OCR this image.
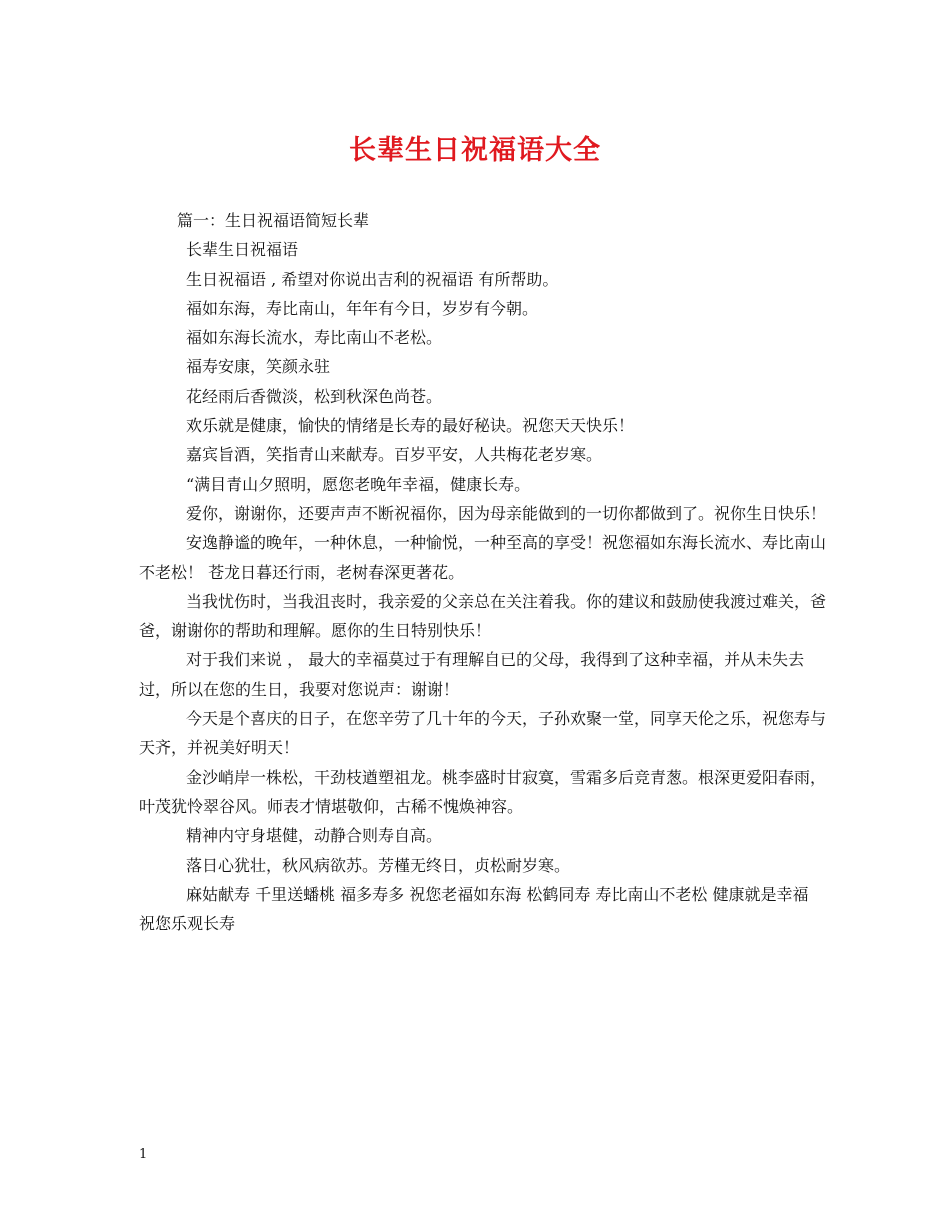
长辈生日祝福语大全

篇一：生日祝福语简短长辈

长辈生日祝福语

生日祝福语 , 希望对你说出吉利的祝福语 有所帮助。

福如东海，寿比南山，年年有今日，岁岁有今朝。

福如东海长流水，寿比南山不老松。

福寿安康，笑颜永驻

花经雨后香微淡，松到秋深色尚苍。

欢乐就是健康，愉快的情绪是长寿的最好秘诀。祝您天天快乐！

嘉宾旨酒，笑指青山来献寿。百岁平安，人共梅花老岁寒。

“满目青山夕照明，愿您老晚年幸福，健康长寿。

爱你，谢谢你，还要声声不断祝福你，因为母亲能做到的一切你都做到了。祝你生日快乐！

安逸静谧的晚年，一种休息，一种愉悦，一种至高的享受！祝您福如东海长流水、寿比南山不老松！ 苍龙日暮还行雨，老树春深更著花。

当我忧伤时，当我沮丧时，我亲爱的父亲总在关注着我。你的建议和鼓励使我渡过难关，爸爸，谢谢你的帮助和理解。愿你的生日特别快乐！

对于我们来说 ， 最大的幸福莫过于有理解自已的父母，我得到了这种幸福，并从未失去过，所以在您的生日，我要对您说声：谢谢！

今天是个喜庆的日子，在您辛劳了几十年的今天，子孙欢聚一堂，同享天伦之乐，祝您寿与天齐，并祝美好明天！

金沙峭岸一株松，干劲枝遒塑祖龙。桃李盛时甘寂寞，雪霜多后竞青葱。根深更爱阳春雨，叶茂犹怜翠谷风。师表才情堪敬仰，古稀不愧焕神容。

精神内守身堪健，动静合则寿自高。

落日心犹壮，秋风病欲苏。芳槿无终日，贞松耐岁寒。

麻姑献寿 千里送蟠桃 福多寿多 祝您老福如东海 松鹤同寿 寿比南山不老松 健康就是幸福 祝您乐观长寿

1
